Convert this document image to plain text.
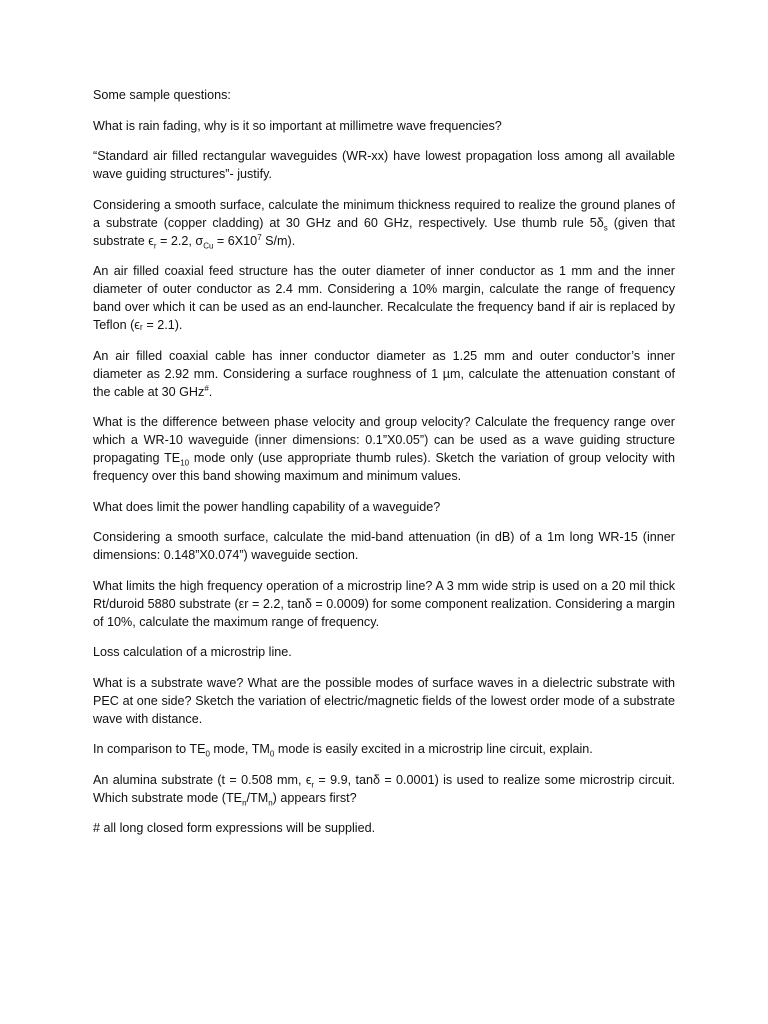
Some sample questions:

What is rain fading, why is it so important at millimetre wave frequencies?

“Standard air filled rectangular waveguides (WR-xx) have lowest propagation loss among all available wave guiding structures”- justify.

Considering a smooth surface, calculate the minimum thickness required to realize the ground planes of a substrate (copper cladding) at 30 GHz and 60 GHz, respectively. Use thumb rule $5\delta_s$ (given that substrate $\epsilon_r = 2.2$, $\sigma_{Cu} = 6X10^7$ S/m).

An air filled coaxial feed structure has the outer diameter of inner conductor as 1 mm and the inner diameter of outer conductor as 2.4 mm. Considering a 10% margin, calculate the range of frequency band over which it can be used as an end-launcher. Recalculate the frequency band if air is replaced by Teflon (ϵᵣ = 2.1).

An air filled coaxial cable has inner conductor diameter as 1.25 mm and outer conductor’s inner diameter as 2.92 mm. Considering a surface roughness of 1 µm, calculate the attenuation constant of the cable at 30 GHz#.

What is the difference between phase velocity and group velocity? Calculate the frequency range over which a WR-10 waveguide (inner dimensions: 0.1”X0.05”) can be used as a wave guiding structure propagating $TE_{10}$ mode only (use appropriate thumb rules). Sketch the variation of group velocity with frequency over this band showing maximum and minimum values.

What does limit the power handling capability of a waveguide?

Considering a smooth surface, calculate the mid-band attenuation (in dB) of a 1m long WR-15 (inner dimensions: 0.148”X0.074”) waveguide section.

What limits the high frequency operation of a microstrip line? A 3 mm wide strip is used on a 20 mil thick Rt/duroid 5880 substrate (εr = 2.2, tanδ = 0.0009) for some component realization. Considering a margin of 10%, calculate the maximum range of frequency.

Loss calculation of a microstrip line.

What is a substrate wave? What are the possible modes of surface waves in a dielectric substrate with PEC at one side? Sketch the variation of electric/magnetic fields of the lowest order mode of a substrate wave with distance.

In comparison to $TE_0$ mode, $TM_0$ mode is easily excited in a microstrip line circuit, explain.

An alumina substrate (t = 0.508 mm, $\epsilon_r = 9.9$, tanδ = 0.0001) is used to realize some microstrip circuit. Which substrate mode $(TE_n/TM_n)$ appears first?

# all long closed form expressions will be supplied.
